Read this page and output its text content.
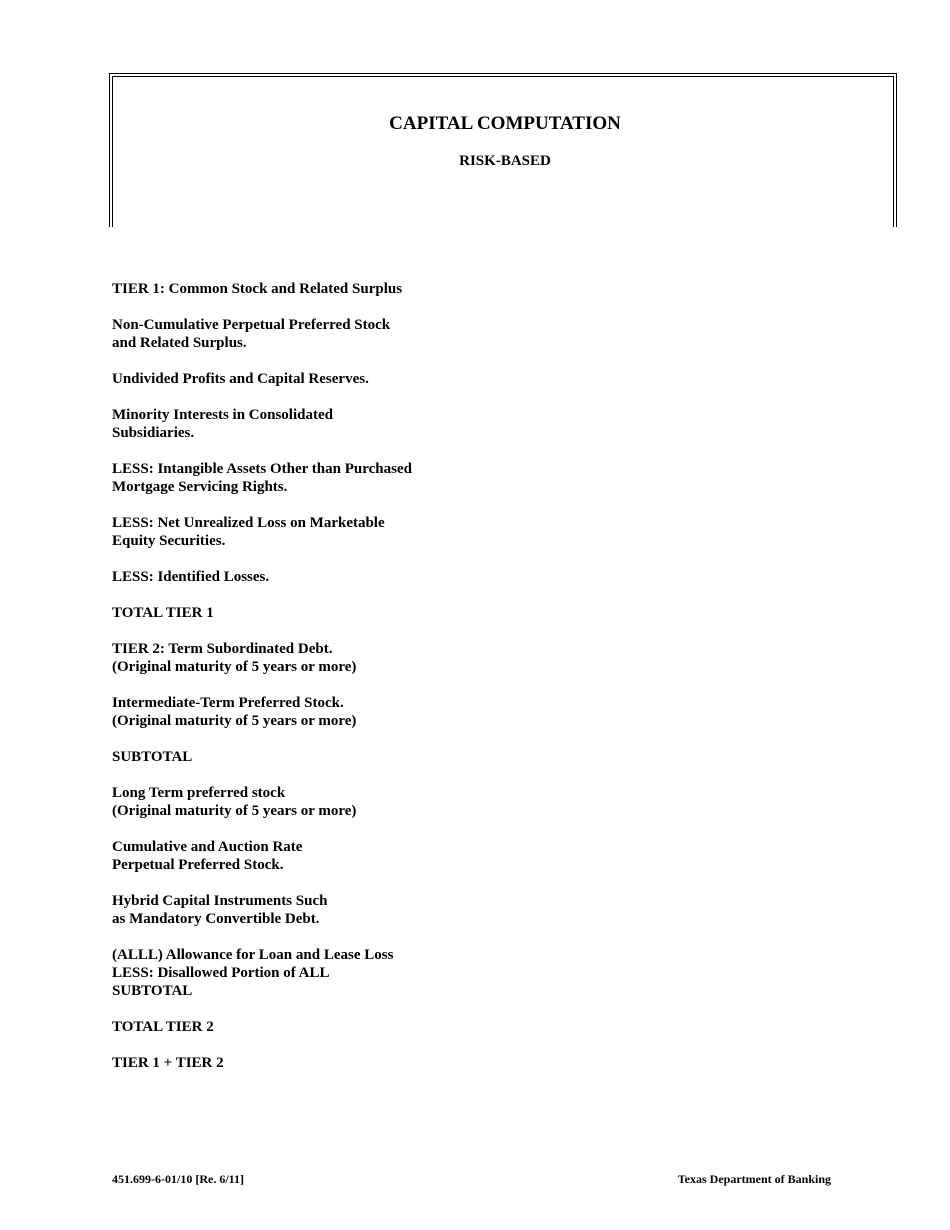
CAPITAL COMPUTATION
RISK-BASED
TIER 1: Common Stock and Related Surplus
Non-Cumulative Perpetual Preferred Stock
and Related Surplus.
Undivided Profits and Capital Reserves.
Minority Interests in Consolidated
Subsidiaries.
LESS: Intangible Assets Other than Purchased
Mortgage Servicing Rights.
LESS: Net Unrealized Loss on Marketable
Equity Securities.
LESS: Identified Losses.
TOTAL TIER 1
TIER 2: Term Subordinated Debt.
(Original maturity of 5 years or more)
Intermediate-Term Preferred Stock.
(Original maturity of 5 years or more)
SUBTOTAL
Long Term preferred stock
(Original maturity of 5 years or more)
Cumulative and Auction Rate
Perpetual Preferred Stock.
Hybrid Capital Instruments Such
as Mandatory Convertible Debt.
(ALLL) Allowance for Loan and Lease Loss
LESS: Disallowed Portion of ALL
SUBTOTAL
TOTAL TIER 2
TIER 1 + TIER 2
451.699-6-01/10 [Re. 6/11]	Texas Department of Banking
